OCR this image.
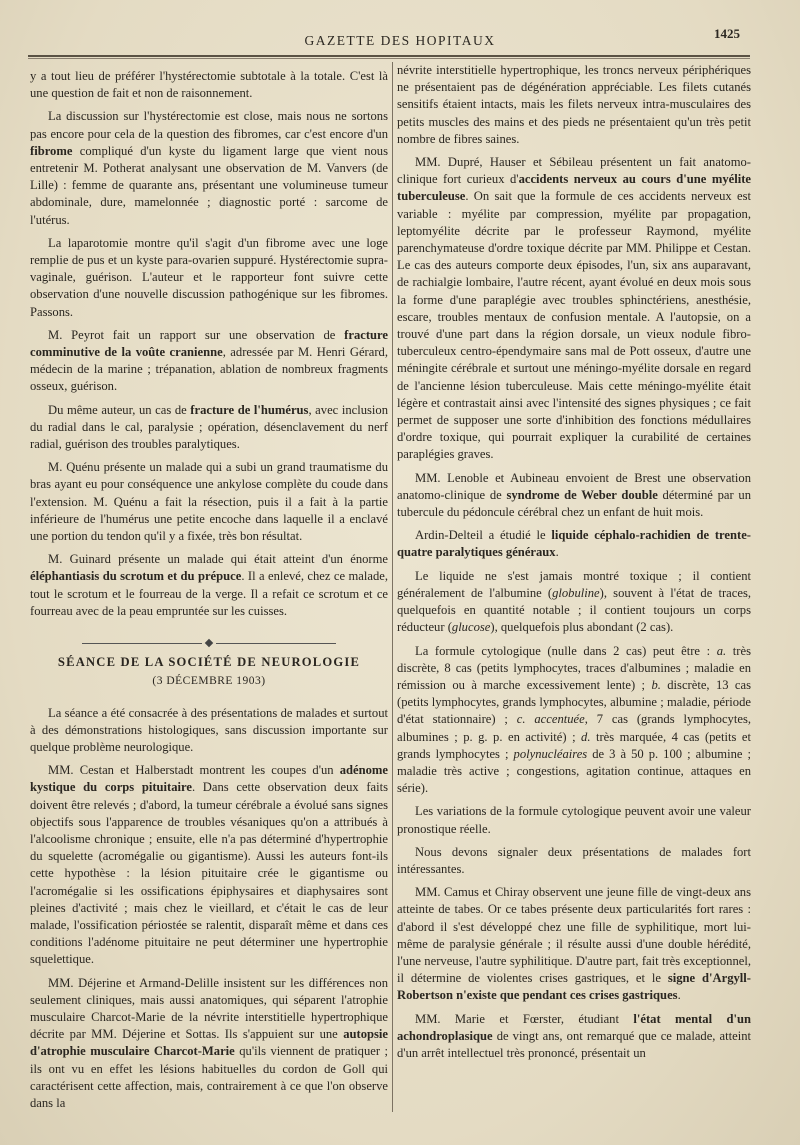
GAZETTE DES HOPITAUX	1425

y a tout lieu de préférer l'hystérectomie subtotale à la totale. C'est là une question de fait et non de raisonnement.

La discussion sur l'hystérectomie est close, mais nous ne sortons pas encore pour cela de la question des fibromes, car c'est encore d'un fibrome compliqué d'un kyste du ligament large que vient nous entretenir M. Potherat analysant une observation de M. Vanvers (de Lille) : femme de quarante ans, présentant une volumineuse tumeur abdominale, dure, mamelonnée ; diagnostic porté : sarcome de l'utérus.

La laparotomie montre qu'il s'agit d'un fibrome avec une loge remplie de pus et un kyste para-ovarien suppuré. Hystérectomie supra-vaginale, guérison. L'auteur et le rapporteur font suivre cette observation d'une nouvelle discussion pathogénique sur les fibromes. Passons.

M. Peyrot fait un rapport sur une observation de fracture comminutive de la voûte cranienne, adressée par M. Henri Gérard, médecin de la marine ; trépanation, ablation de nombreux fragments osseux, guérison.

Du même auteur, un cas de fracture de l'humérus, avec inclusion du radial dans le cal, paralysie ; opération, désenclavement du nerf radial, guérison des troubles paralytiques.

M. Quénu présente un malade qui a subi un grand traumatisme du bras ayant eu pour conséquence une ankylose complète du coude dans l'extension. M. Quénu a fait la résection, puis il a fait à la partie inférieure de l'humérus une petite encoche dans laquelle il a enclavé une portion du tendon qu'il y a fixée, très bon résultat.

M. Guinard présente un malade qui était atteint d'un énorme éléphantiasis du scrotum et du prépuce. Il a enlevé, chez ce malade, tout le scrotum et le fourreau de la verge. Il a refait ce scrotum et ce fourreau avec de la peau empruntée sur les cuisses.

SÉANCE DE LA SOCIÉTÉ DE NEUROLOGIE
(3 DÉCEMBRE 1903)

La séance a été consacrée à des présentations de malades et surtout à des démonstrations histologiques, sans discussion importante sur quelque problème neurologique.

MM. Cestan et Halberstadt montrent les coupes d'un adénome kystique du corps pituitaire. Dans cette observation deux faits doivent être relevés ; d'abord, la tumeur cérébrale a évolué sans signes objectifs sous l'apparence de troubles vésaniques qu'on a attribués à l'alcoolisme chronique ; ensuite, elle n'a pas déterminé d'hypertrophie du squelette (acromégalie ou gigantisme). Aussi les auteurs font-ils cette hypothèse : la lésion pituitaire crée le gigantisme ou l'acromégalie si les ossifications épiphysaires et diaphysaires sont pleines d'activité ; mais chez le vieillard, et c'était le cas de leur malade, l'ossification périostée se ralentit, disparaît même et dans ces conditions l'adénome pituitaire ne peut déterminer une hypertrophie squelettique.

MM. Déjerine et Armand-Delille insistent sur les différences non seulement cliniques, mais aussi anatomiques, qui séparent l'atrophie musculaire Charcot-Marie de la névrite interstitielle hypertrophique décrite par MM. Déjerine et Sottas. Ils s'appuient sur une autopsie d'atrophie musculaire Charcot-Marie qu'ils viennent de pratiquer ; ils ont vu en effet les lésions habituelles du cordon de Goll qui caractérisent cette affection, mais, contrairement à ce que l'on observe dans la

névrite interstitielle hypertrophique, les troncs nerveux périphériques ne présentaient pas de dégénération appréciable. Les filets cutanés sensitifs étaient intacts, mais les filets nerveux intra-musculaires des petits muscles des mains et des pieds ne présentaient qu'un très petit nombre de fibres saines.

MM. Dupré, Hauser et Sébileau présentent un fait anatomo-clinique fort curieux d'accidents nerveux au cours d'une myélite tuberculeuse. On sait que la formule de ces accidents nerveux est variable : myélite par compression, myélite par propagation, leptomyélite décrite par le professeur Raymond, myélite parenchymateuse d'ordre toxique décrite par MM. Philippe et Cestan. Le cas des auteurs comporte deux épisodes, l'un, six ans auparavant, de rachialgie lombaire, l'autre récent, ayant évolué en deux mois sous la forme d'une paraplégie avec troubles sphinctériens, anesthésie, escare, troubles mentaux de confusion mentale. A l'autopsie, on a trouvé d'une part dans la région dorsale, un vieux nodule fibro-tuberculeux centro-épendymaire sans mal de Pott osseux, d'autre une méningite cérébrale et surtout une méningo-myélite dorsale en regard de l'ancienne lésion tuberculeuse. Mais cette méningo-myélite était légère et contrastait ainsi avec l'intensité des signes physiques ; ce fait permet de supposer une sorte d'inhibition des fonctions médullaires d'ordre toxique, qui pourrait expliquer la curabilité de certaines paraplégies graves.

MM. Lenoble et Aubineau envoient de Brest une observation anatomo-clinique de syndrome de Weber double déterminé par un tubercule du pédoncule cérébral chez un enfant de huit mois.

Ardin-Delteil a étudié le liquide céphalo-rachidien de trente-quatre paralytiques généraux.

Le liquide ne s'est jamais montré toxique ; il contient généralement de l'albumine (globuline), souvent à l'état de traces, quelquefois en quantité notable ; il contient toujours un corps réducteur (glucose), quelquefois plus abondant (2 cas).

La formule cytologique (nulle dans 2 cas) peut être : a. très discrète, 8 cas (petits lymphocytes, traces d'albumines ; maladie en rémission ou à marche excessivement lente) ; b. discrète, 13 cas (petits lymphocytes, grands lymphocytes, albumine ; maladie, période d'état stationnaire) ; c. accentuée, 7 cas (grands lymphocytes, albumines ; p. g. p. en activité) ; d. très marquée, 4 cas (petits et grands lymphocytes ; polynucléaires de 3 à 50 p. 100 ; albumine ; maladie très active ; congestions, agitation continue, attaques en série).

Les variations de la formule cytologique peuvent avoir une valeur pronostique réelle.

Nous devons signaler deux présentations de malades fort intéressantes.

MM. Camus et Chiray observent une jeune fille de vingt-deux ans atteinte de tabes. Or ce tabes présente deux particularités fort rares : d'abord il s'est développé chez une fille de syphilitique, mort lui-même de paralysie générale ; il résulte aussi d'une double hérédité, l'une nerveuse, l'autre syphilitique. D'autre part, fait très exceptionnel, il détermine de violentes crises gastriques, et le signe d'Argyll-Robertson n'existe que pendant ces crises gastriques.

MM. Marie et Fœrster, étudiant l'état mental d'un achondroplasique de vingt ans, ont remarqué que ce malade, atteint d'un arrêt intellectuel très prononcé, présentait un
